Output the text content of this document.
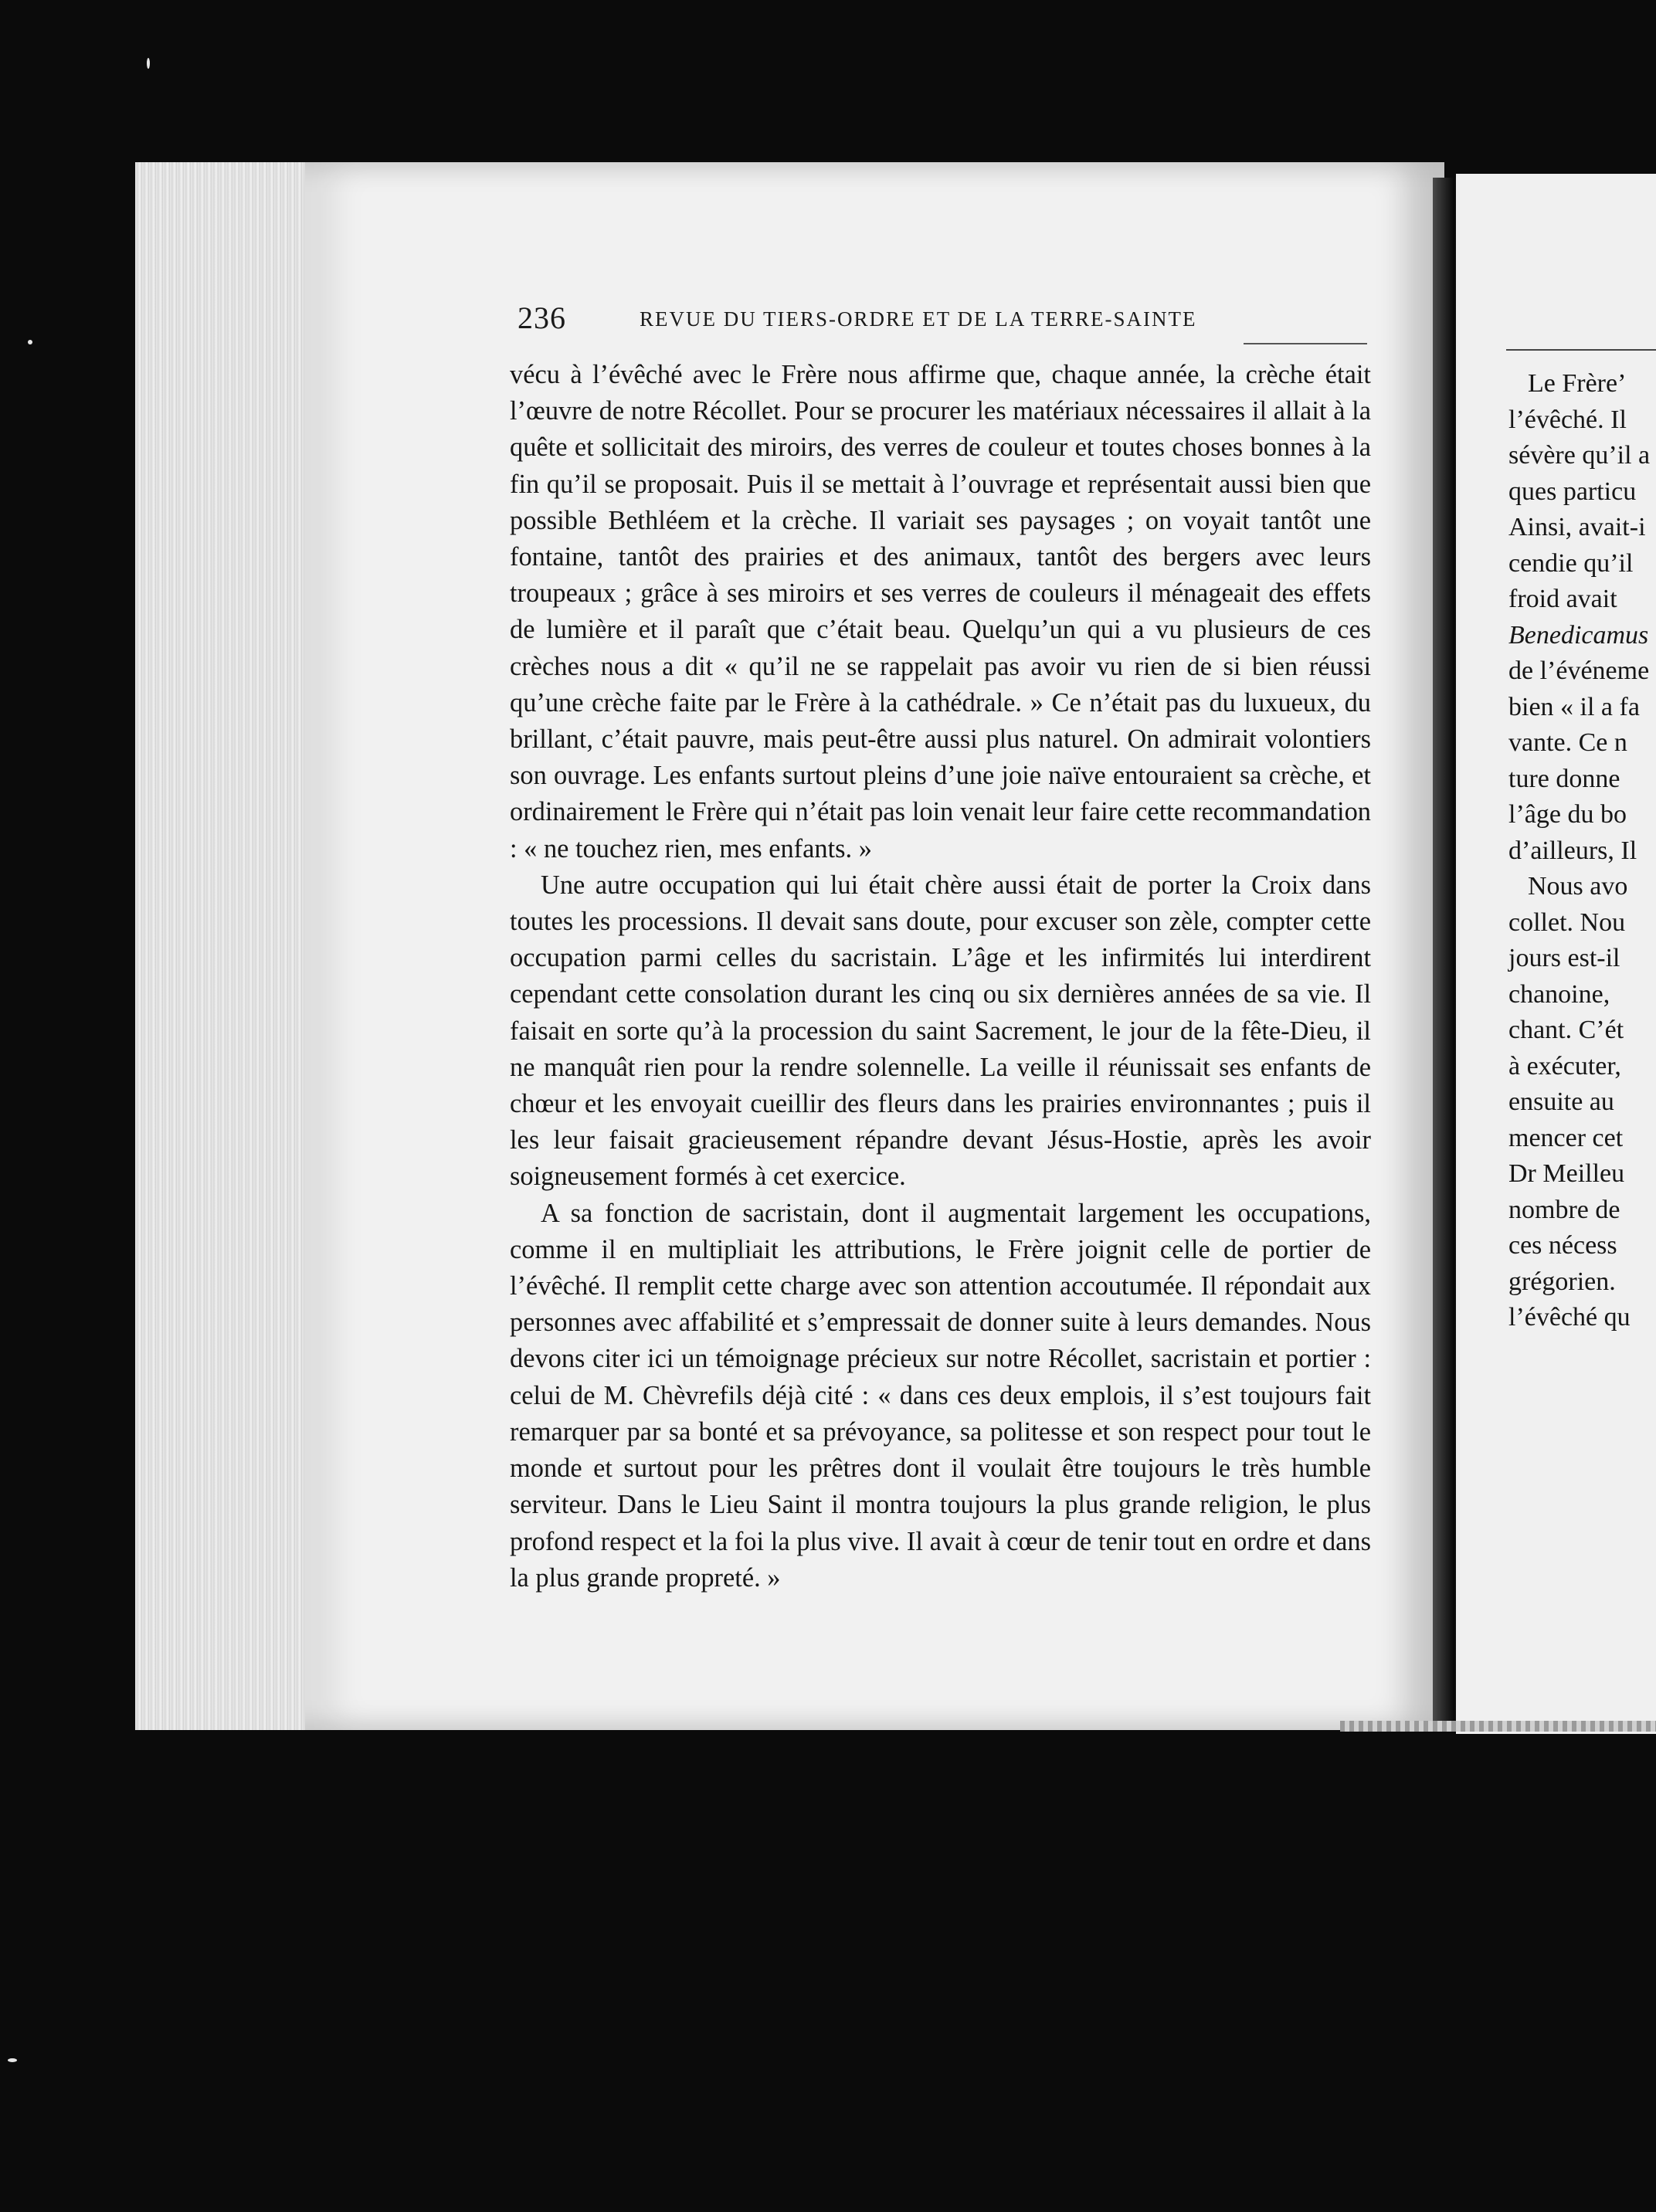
236	REVUE DU TIERS-ORDRE ET DE LA TERRE-SAINTE

vécu à l’évêché avec le Frère nous affirme que, chaque année, la crèche était l’œuvre de notre Récollet. Pour se procurer les matériaux nécessaires il allait à la quête et sollicitait des miroirs, des verres de couleur et toutes choses bonnes à la fin qu’il se proposait. Puis il se mettait à l’ouvrage et représentait aussi bien que possible Bethléem et la crèche. Il variait ses paysages ; on voyait tantôt une fontaine, tantôt des prairies et des animaux, tantôt des bergers avec leurs troupeaux ; grâce à ses miroirs et ses verres de couleurs il ménageait des effets de lumière et il paraît que c’était beau. Quelqu’un qui a vu plusieurs de ces crèches nous a dit « qu’il ne se rappelait pas avoir vu rien de si bien réussi qu’une crèche faite par le Frère à la cathédrale. » Ce n’était pas du luxueux, du brillant, c’était pauvre, mais peut-être aussi plus naturel. On admirait volontiers son ouvrage. Les enfants surtout pleins d’une joie naïve entouraient sa crèche, et ordinairement le Frère qui n’était pas loin venait leur faire cette recommandation : « ne touchez rien, mes enfants. »

Une autre occupation qui lui était chère aussi était de porter la Croix dans toutes les processions. Il devait sans doute, pour excuser son zèle, compter cette occupation parmi celles du sacristain. L’âge et les infirmités lui interdirent cependant cette consolation durant les cinq ou six dernières années de sa vie. Il faisait en sorte qu’à la procession du saint Sacrement, le jour de la fête-Dieu, il ne manquât rien pour la rendre solennelle. La veille il réunissait ses enfants de chœur et les envoyait cueillir des fleurs dans les prairies environnantes ; puis il les leur faisait gracieusement répandre devant Jésus-Hostie, après les avoir soigneusement formés à cet exercice.

A sa fonction de sacristain, dont il augmentait largement les occupations, comme il en multipliait les attributions, le Frère joignit celle de portier de l’évêché. Il remplit cette charge avec son attention accoutumée. Il répondait aux personnes avec affabilité et s’empressait de donner suite à leurs demandes. Nous devons citer ici un témoignage précieux sur notre Récollet, sacristain et portier : celui de M. Chèvrefils déjà cité : « dans ces deux emplois, il s’est toujours fait remarquer par sa bonté et sa prévoyance, sa politesse et son respect pour tout le monde et surtout pour les prêtres dont il voulait être toujours le très humble serviteur. Dans le Lieu Saint il montra toujours la plus grande religion, le plus profond respect et la foi la plus vive. Il avait à cœur de tenir tout en ordre et dans la plus grande propreté. »

Le Frère’
l’évêché. Il
sévère qu’il a
ques particu
Ainsi, avait-i
cendie qu’il
froid avait
Benedicamus
de l’événeme
bien « il a fa
vante. Ce n
ture donne
l’âge du bo
d’ailleurs, Il
Nous avo
collet. Nou
jours est-il
chanoine,
chant. C’ét
à exécuter,
ensuite au
mencer cet
Dr Meilleu
nombre de
ces nécess
grégorien.
l’évêché qu
